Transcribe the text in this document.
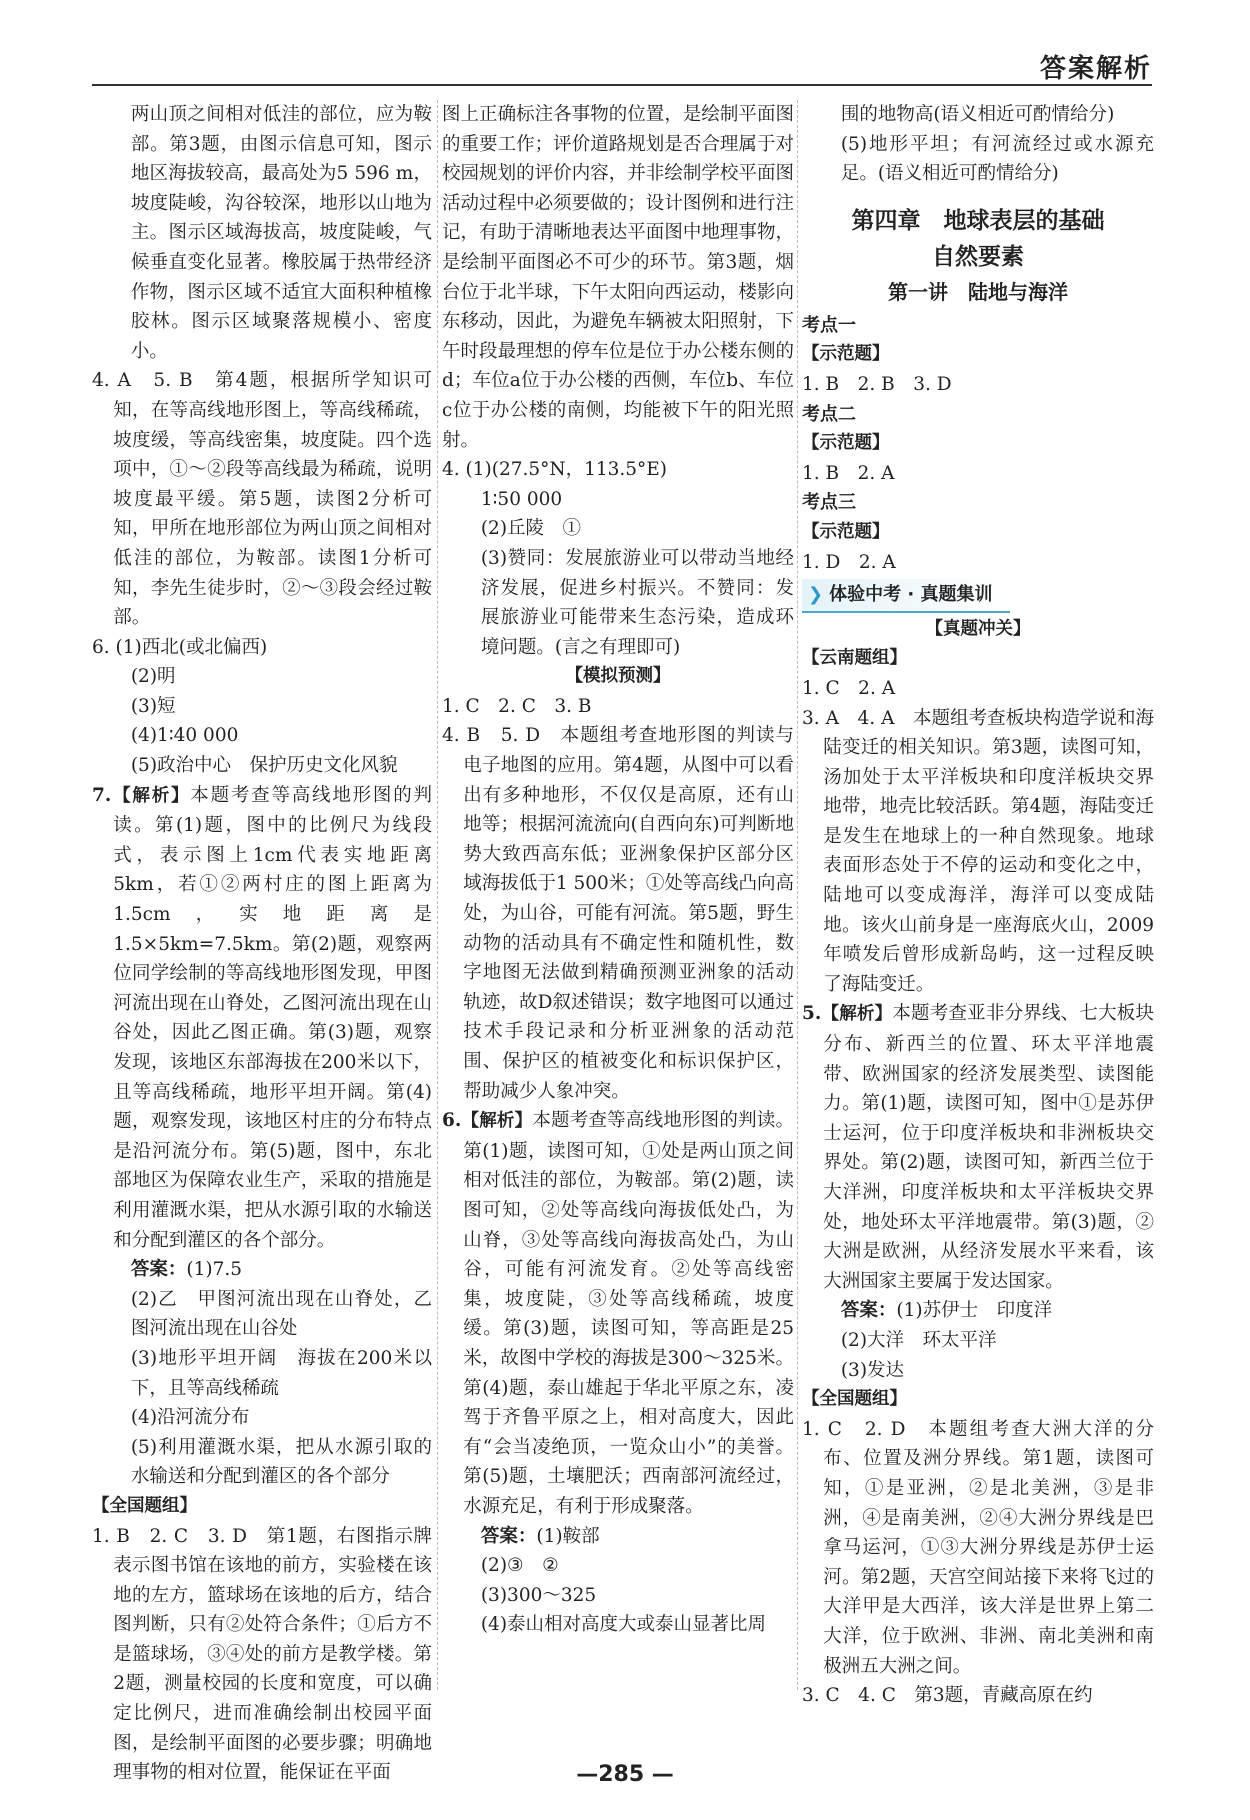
答案解析

两山顶之间相对低洼的部位，应为鞍部。第3题，由图示信息可知，图示地区海拔较高，最高处为5 596 m，坡度陡峻，沟谷较深，地形以山地为主。图示区域海拔高，坡度陡峻，气候垂直变化显著。橡胶属于热带经济作物，图示区域不适宜大面积种植橡胶林。图示区域聚落规模小、密度小。

4. A　5. B　第4题，根据所学知识可知，在等高线地形图上，等高线稀疏，坡度缓，等高线密集，坡度陡。四个选项中，①～②段等高线最为稀疏，说明坡度最平缓。第5题，读图2分析可知，甲所在地形部位为两山顶之间相对低洼的部位，为鞍部。读图1分析可知，李先生徒步时，②～③段会经过鞍部。

6. (1)西北(或北偏西)
(2)明
(3)短
(4)1∶40 000
(5)政治中心　保护历史文化风貌

7.【解析】本题考查等高线地形图的判读。第(1)题，图中的比例尺为线段式，表示图上1cm代表实地距离5km，若①②两村庄的图上距离为1.5cm，实地距离是1.5×5km=7.5km。第(2)题，观察两位同学绘制的等高线地形图发现，甲图河流出现在山脊处，乙图河流出现在山谷处，因此乙图正确。第(3)题，观察发现，该地区东部海拔在200米以下，且等高线稀疏，地形平坦开阔。第(4)题，观察发现，该地区村庄的分布特点是沿河流分布。第(5)题，图中，东北部地区为保障农业生产，采取的措施是利用灌溉水渠，把从水源引取的水输送和分配到灌区的各个部分。

答案：(1)7.5
(2)乙　甲图河流出现在山脊处，乙图河流出现在山谷处
(3)地形平坦开阔　海拔在200米以下，且等高线稀疏
(4)沿河流分布
(5)利用灌溉水渠，把从水源引取的水输送和分配到灌区的各个部分
【全国题组】

1. B　2. C　3. D　第1题，右图指示牌表示图书馆在该地的前方，实验楼在该地的左方，篮球场在该地的后方，结合图判断，只有②处符合条件；①后方不是篮球场，③④处的前方是教学楼。第2题，测量校园的长度和宽度，可以确定比例尺，进而准确绘制出校园平面图，是绘制平面图的必要步骤；明确地理事物的相对位置，能保证在平面

图上正确标注各事物的位置，是绘制平面图的重要工作；评价道路规划是否合理属于对校园规划的评价内容，并非绘制学校平面图活动过程中必须要做的；设计图例和进行注记，有助于清晰地表达平面图中地理事物，是绘制平面图必不可少的环节。第3题，烟台位于北半球，下午太阳向西运动，楼影向东移动，因此，为避免车辆被太阳照射，下午时段最理想的停车位是位于办公楼东侧的d；车位a位于办公楼的西侧，车位b、车位c位于办公楼的南侧，均能被下午的阳光照射。

4. (1)(27.5°N，113.5°E)
1∶50 000
(2)丘陵　①
(3)赞同：发展旅游业可以带动当地经济发展，促进乡村振兴。不赞同：发展旅游业可能带来生态污染，造成环境问题。(言之有理即可)
【模拟预测】
1. C　2. C　3. B

4. B　5. D　本题组考查地形图的判读与电子地图的应用。第4题，从图中可以看出有多种地形，不仅仅是高原，还有山地等；根据河流流向(自西向东)可判断地势大致西高东低；亚洲象保护区部分区域海拔低于1 500米；①处等高线凸向高处，为山谷，可能有河流。第5题，野生动物的活动具有不确定性和随机性，数字地图无法做到精确预测亚洲象的活动轨迹，故D叙述错误；数字地图可以通过技术手段记录和分析亚洲象的活动范围、保护区的植被变化和标识保护区，帮助减少人象冲突。

6.【解析】本题考查等高线地形图的判读。第(1)题，读图可知，①处是两山顶之间相对低洼的部位，为鞍部。第(2)题，读图可知，②处等高线向海拔低处凸，为山脊，③处等高线向海拔高处凸，为山谷，可能有河流发育。②处等高线密集，坡度陡，③处等高线稀疏，坡度缓。第(3)题，读图可知，等高距是25米，故图中学校的海拔是300～325米。第(4)题，泰山雄起于华北平原之东，凌驾于齐鲁平原之上，相对高度大，因此有“会当凌绝顶，一览众山小”的美誉。第(5)题，土壤肥沃；西南部河流经过，水源充足，有利于形成聚落。

答案：(1)鞍部
(2)③　②
(3)300～325
(4)泰山相对高度大或泰山显著比周
围的地物高(语义相近可酌情给分)

(5)地形平坦；有河流经过或水源充足。(语义相近可酌情给分)

第四章　地球表层的基础
自然要素
第一讲　陆地与海洋
考点一
【示范题】
1. B　2. B　3. D
考点二
【示范题】
1. B　2. A
考点三
【示范题】
1. D　2. A
❯ 体验中考 · 真题集训
【真题冲关】
【云南题组】
1. C　2. A

3. A　4. A　本题组考查板块构造学说和海陆变迁的相关知识。第3题，读图可知，汤加处于太平洋板块和印度洋板块交界地带，地壳比较活跃。第4题，海陆变迁是发生在地球上的一种自然现象。地球表面形态处于不停的运动和变化之中，陆地可以变成海洋，海洋可以变成陆地。该火山前身是一座海底火山，2009年喷发后曾形成新岛屿，这一过程反映了海陆变迁。

5.【解析】本题考查亚非分界线、七大板块分布、新西兰的位置、环太平洋地震带、欧洲国家的经济发展类型、读图能力。第(1)题，读图可知，图中①是苏伊士运河，位于印度洋板块和非洲板块交界处。第(2)题，读图可知，新西兰位于大洋洲，印度洋板块和太平洋板块交界处，地处环太平洋地震带。第(3)题，②大洲是欧洲，从经济发展水平来看，该大洲国家主要属于发达国家。

答案：(1)苏伊士　印度洋
(2)大洋　环太平洋
(3)发达
【全国题组】

1. C　2. D　本题组考查大洲大洋的分布、位置及洲分界线。第1题，读图可知，①是亚洲，②是北美洲，③是非洲，④是南美洲，②④大洲分界线是巴拿马运河，①③大洲分界线是苏伊士运河。第2题，天宫空间站接下来将飞过的大洋甲是大西洋，该大洋是世界上第二大洋，位于欧洲、非洲、南北美洲和南极洲五大洲之间。

3. C　4. C　第3题，青藏高原在约

—285 —
